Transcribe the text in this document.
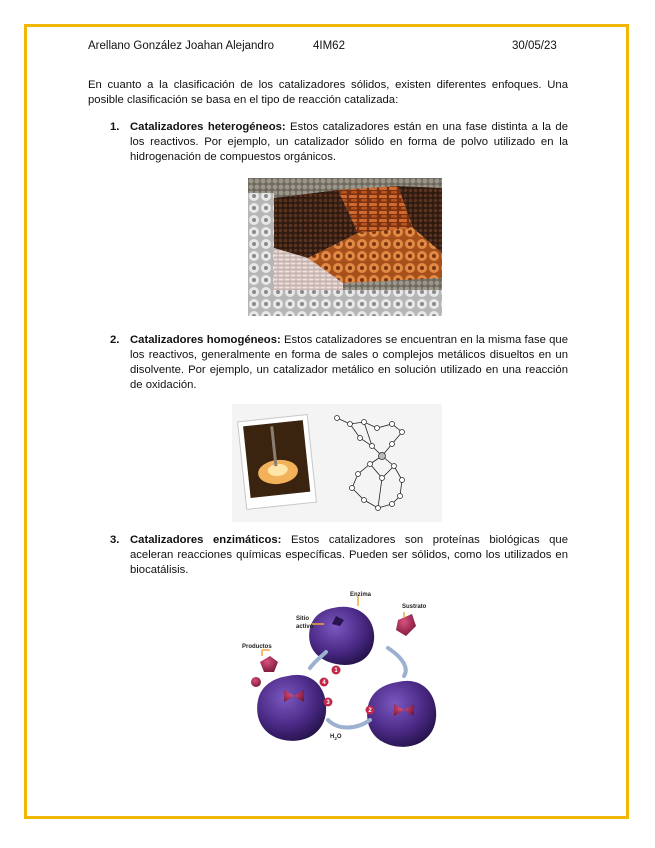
Arellano González Joahan Alejandro	4IM62	30/05/23

En cuanto a la clasificación de los catalizadores sólidos, existen diferentes enfoques. Una posible clasificación se basa en el tipo de reacción catalizada:

1. Catalizadores heterogéneos: Estos catalizadores están en una fase distinta a la de los reactivos. Por ejemplo, un catalizador sólido en forma de polvo utilizado en la hidrogenación de compuestos orgánicos.
2. Catalizadores homogéneos: Estos catalizadores se encuentran en la misma fase que los reactivos, generalmente en forma de sales o complejos metálicos disueltos en un disolvente. Por ejemplo, un catalizador metálico en solución utilizado en una reacción de oxidación.
3. Catalizadores enzimáticos: Estos catalizadores son proteínas biológicas que aceleran reacciones químicas específicas. Pueden ser sólidos, como los utilizados en biocatálisis.
1
2
3
4
Enzima
Sustrato
Sitio
activo
Productos
$H_2O$
